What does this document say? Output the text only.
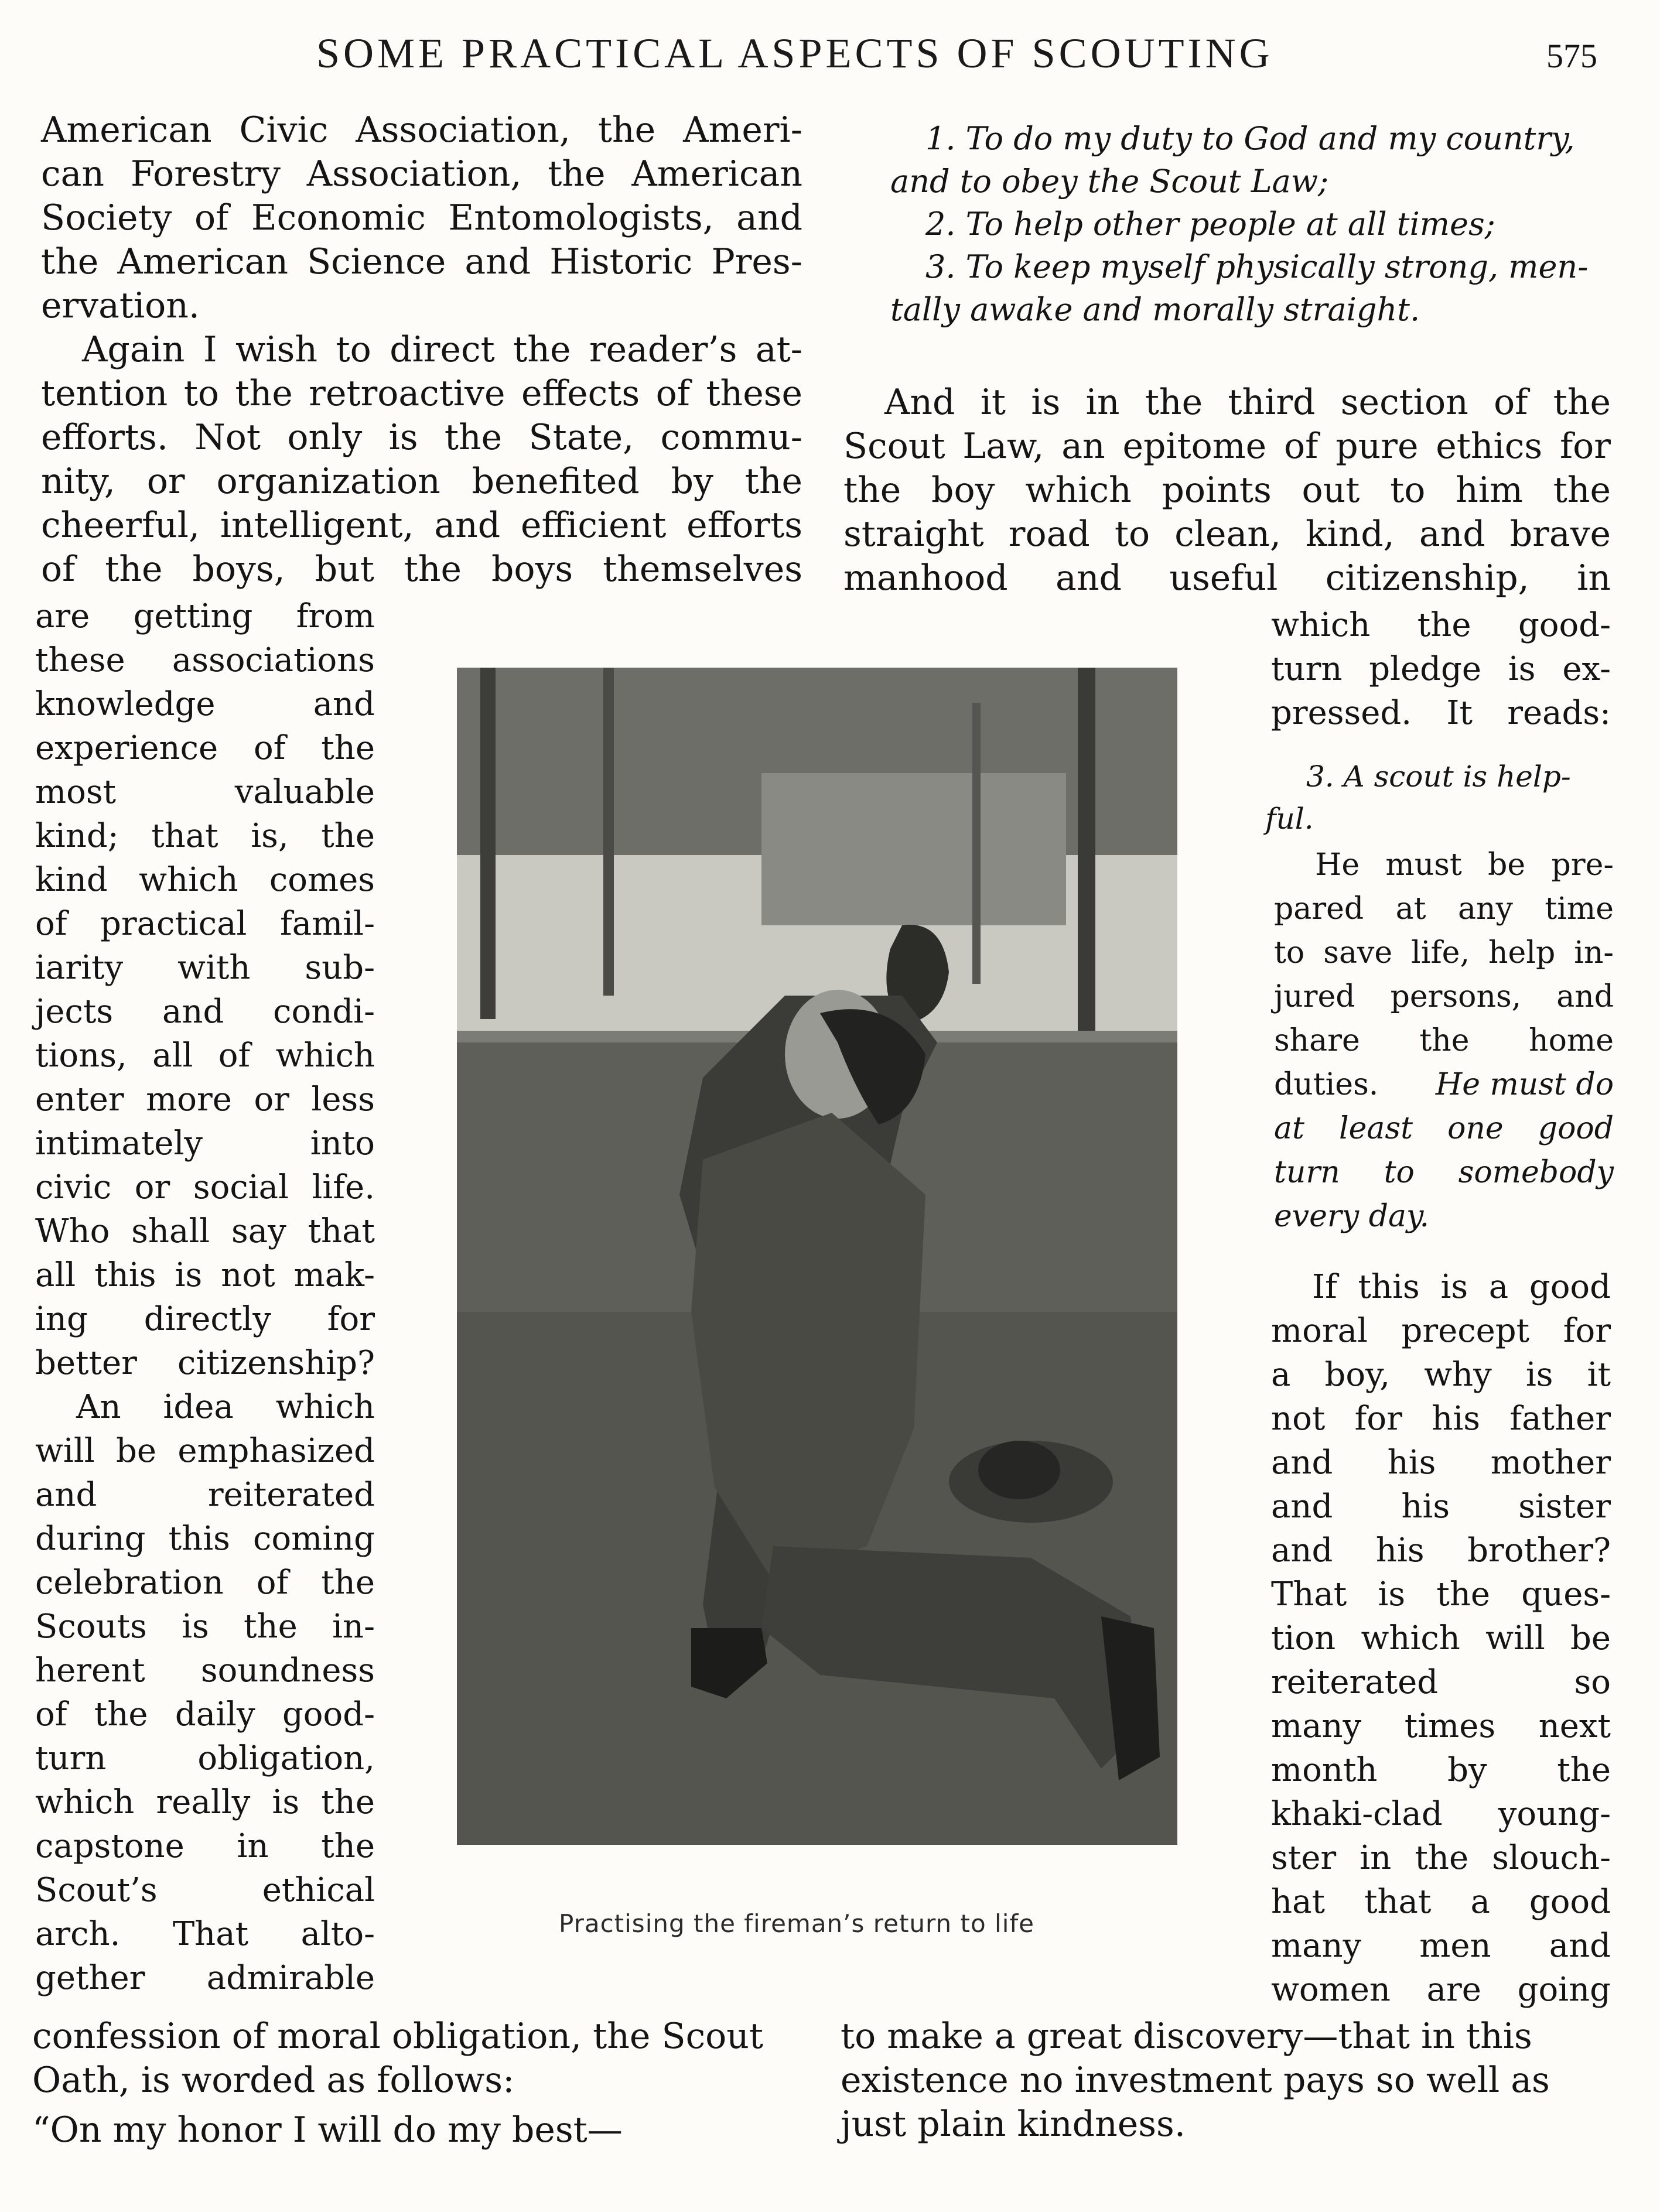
SOME PRACTICAL ASPECTS OF SCOUTING	575
American Civic Association, the Ameri-
can Forestry Association, the American
Society of Economic Entomologists, and
the American Science and Historic Pres-
ervation.
Again I wish to direct the reader’s at-
tention to the retroactive effects of these
efforts. Not only is the State, commu-
nity, or organization benefited by the
cheerful, intelligent, and efficient efforts
of the boys, but the boys themselves
are getting from
these associations
knowledge and
experience of the
most valuable
kind; that is, the
kind which comes
of practical famil-
iarity with sub-
jects and condi-
tions, all of which
enter more or less
intimately into
civic or social life.
Who shall say that
all this is not mak-
ing directly for
better citizenship?
An idea which
will be emphasized
and reiterated
during this coming
celebration of the
Scouts is the in-
herent soundness
of the daily good-
turn obligation,
which really is the
capstone in the
Scout’s ethical
arch. That alto-
gether admirable
confession of moral obligation, the Scout
Oath, is worded as follows:
“On my honor I will do my best—
1. To do my duty to God and my country,
and to obey the Scout Law;
2. To help other people at all times;
3. To keep myself physically strong, men-
tally awake and morally straight.
And it is in the third section of the
Scout Law, an epitome of pure ethics for
the boy which points out to him the
straight road to clean, kind, and brave
manhood and useful citizenship, in
which the good-
turn pledge is ex-
pressed. It reads:
3. A scout is help-
ful.
He must be pre-
pared at any time
to save life, help in-
jured persons, and
share the home
duties. He must do
at least one good
turn to somebody
every day.
If this is a good
moral precept for
a boy, why is it
not for his father
and his mother
and his sister
and his brother?
That is the ques-
tion which will be
reiterated so
many times next
month by the
khaki-clad young-
ster in the slouch-
hat that a good
many men and
women are going
to make a great discovery—that in this
existence no investment pays so well as
just plain kindness.
Practising the fireman’s return to life
